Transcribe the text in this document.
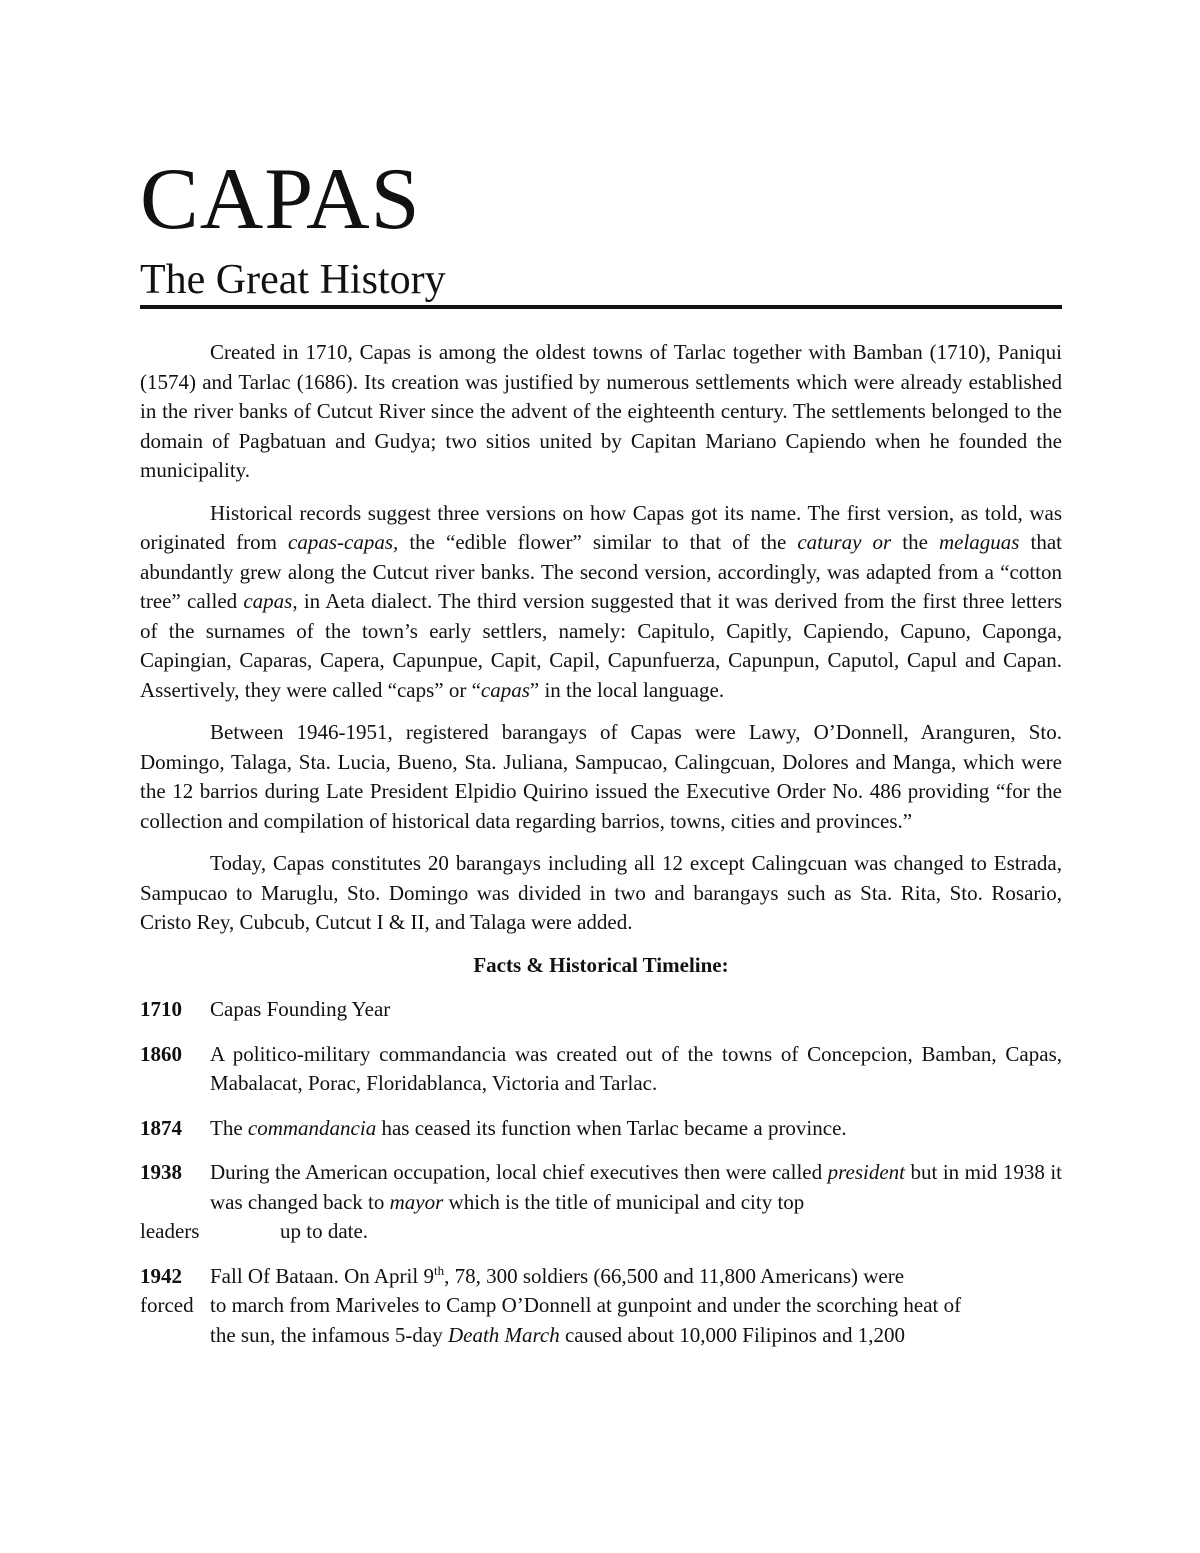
CAPAS
The Great History

Created in 1710, Capas is among the oldest towns of Tarlac together with Bamban (1710), Paniqui (1574) and Tarlac (1686). Its creation was justified by numerous settlements which were already established in the river banks of Cutcut River since the advent of the eighteenth century. The settlements belonged to the domain of Pagbatuan and Gudya; two sitios united by Capitan Mariano Capiendo when he founded the municipality.

Historical records suggest three versions on how Capas got its name. The first version, as told, was originated from capas-capas, the “edible flower” similar to that of the caturay or the melaguas that abundantly grew along the Cutcut river banks. The second version, accordingly, was adapted from a “cotton tree” called capas, in Aeta dialect. The third version suggested that it was derived from the first three letters of the surnames of the town’s early settlers, namely: Capitulo, Capitly, Capiendo, Capuno, Caponga, Capingian, Caparas, Capera, Capunpue, Capit, Capil, Capunfuerza, Capunpun, Caputol, Capul and Capan. Assertively, they were called “caps” or “capas” in the local language.

Between 1946-1951, registered barangays of Capas were Lawy, O’Donnell, Aranguren, Sto. Domingo, Talaga, Sta. Lucia, Bueno, Sta. Juliana, Sampucao, Calingcuan, Dolores and Manga, which were the 12 barrios during Late President Elpidio Quirino issued the Executive Order No. 486 providing “for the collection and compilation of historical data regarding barrios, towns, cities and provinces.”

Today, Capas constitutes 20 barangays including all 12 except Calingcuan was changed to Estrada, Sampucao to Maruglu, Sto. Domingo was divided in two and barangays such as Sta. Rita, Sto. Rosario, Cristo Rey, Cubcub, Cutcut I & II, and Talaga were added.

Facts & Historical Timeline:
1710	Capas Founding Year
1860	A politico-military commandancia was created out of the towns of Concepcion, Bamban, Capas, Mabalacat, Porac, Floridablanca, Victoria and Tarlac.
1874	The commandancia has ceased its function when Tarlac became a province.
1938	During the American occupation, local chief executives then were called president but in mid 1938 it was changed back to mayor which is the title of municipal and city top
leaders	up to date.
1942	Fall Of Bataan. On April 9th, 78, 300 soldiers (66,500 and 11,800 Americans) were
forced to march from Mariveles to Camp O’Donnell at gunpoint and under the scorching heat of
the sun, the infamous 5-day Death March caused about 10,000 Filipinos and 1,200
